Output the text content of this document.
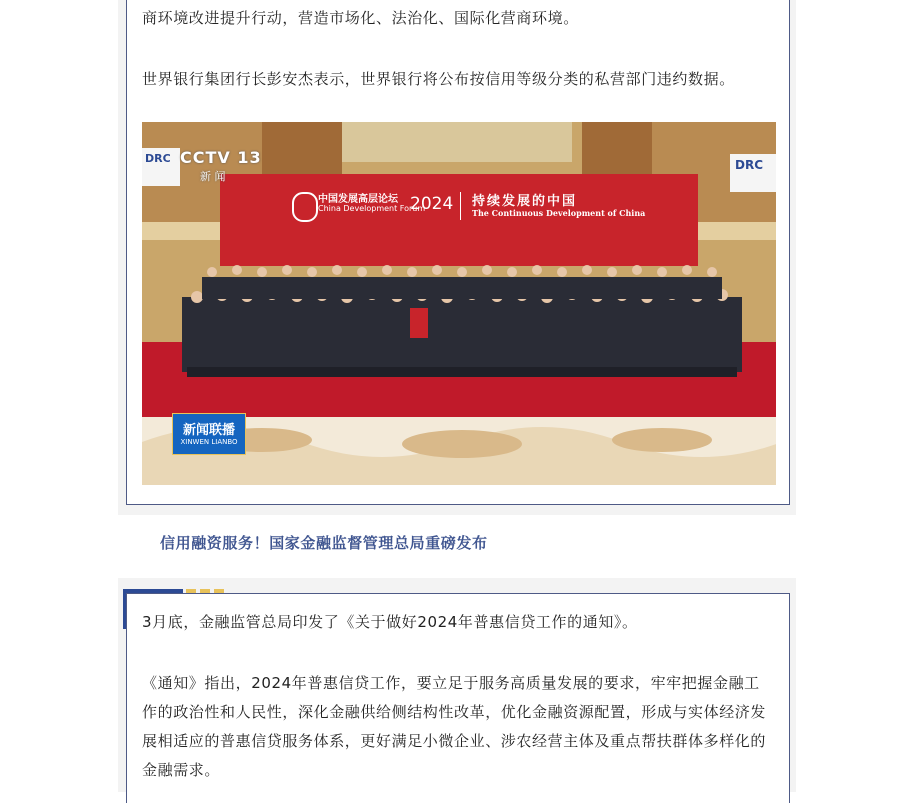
商环境改进提升行动，营造市场化、法治化、国际化营商环境。

世界银行集团行长彭安杰表示，世界银行将公布按信用等级分类的私营部门违约数据。

DRC	DRC
CCTV 13
新 闻
中国发展高层论坛
China Development Forum
2024 持续发展的中国
The Continuous Development of China
新闻联播
XINWEN LIANBO
信用融资服务！国家金融监督管理总局重磅发布

3月底，金融监管总局印发了《关于做好2024年普惠信贷工作的通知》。

《通知》指出，2024年普惠信贷工作，要立足于服务高质量发展的要求，牢牢把握金融工作的政治性和人民性，深化金融供给侧结构性改革，优化金融资源配置，形成与实体经济发展相适应的普惠信贷服务体系，更好满足小微企业、涉农经营主体及重点帮扶群体多样化的金融需求。
